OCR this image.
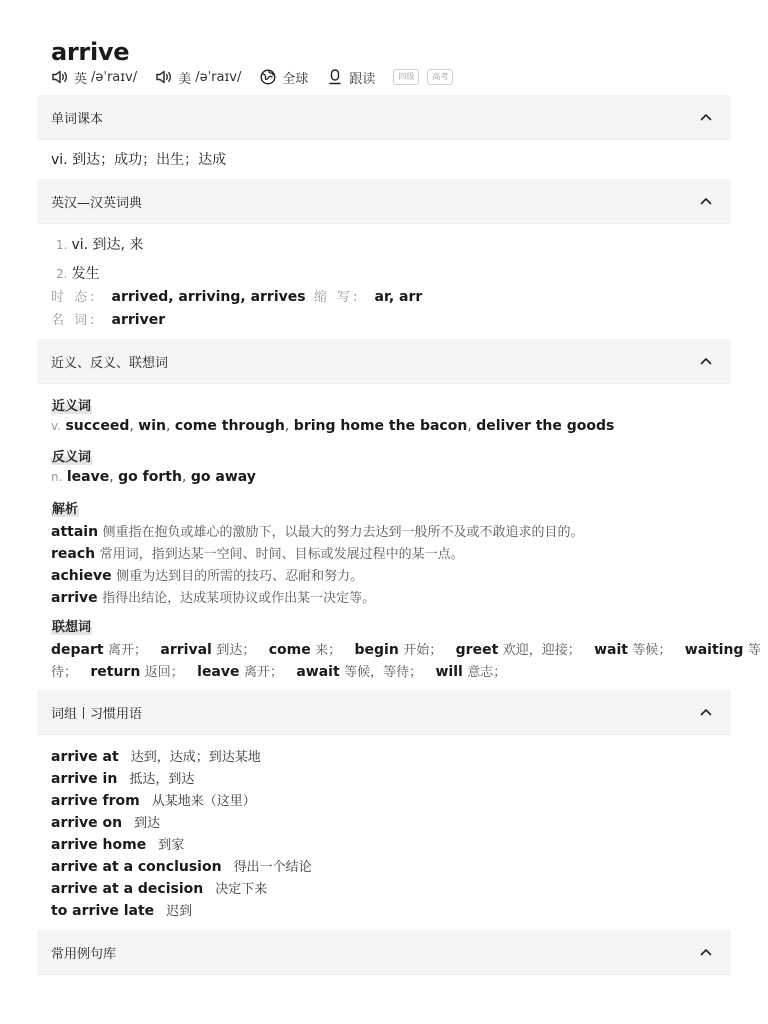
arrive
英 /əˈraɪv/	美 /əˈraɪv/	全球	跟读	四级	高考
单词课本
vi. 到达；成功；出生；达成
英汉—汉英词典
1. vi. 到达, 来
2. 发生
时 态: arrived, arriving, arrives 缩 写: ar, arr
名 词: arriver
近义、反义、联想词
近义词
v. succeed, win, come through, bring home the bacon, deliver the goods
反义词
n. leave, go forth, go away
解析
attain 侧重指在抱负或雄心的激励下，以最大的努力去达到一般所不及或不敢追求的目的。
reach 常用词，指到达某一空间、时间、目标或发展过程中的某一点。
achieve 侧重为达到目的所需的技巧、忍耐和努力。
arrive 指得出结论，达成某项协议或作出某一决定等。
联想词
depart 离开； arrival 到达； come 来； begin 开始； greet 欢迎，迎接； wait 等候； waiting 等
待； return 返回； leave 离开； await 等候，等待； will 意志；
词组丨习惯用语
arrive at 达到，达成；到达某地
arrive in 抵达，到达
arrive from 从某地来（这里）
arrive on 到达
arrive home 到家
arrive at a conclusion 得出一个结论
arrive at a decision 决定下来
to arrive late 迟到
常用例句库
